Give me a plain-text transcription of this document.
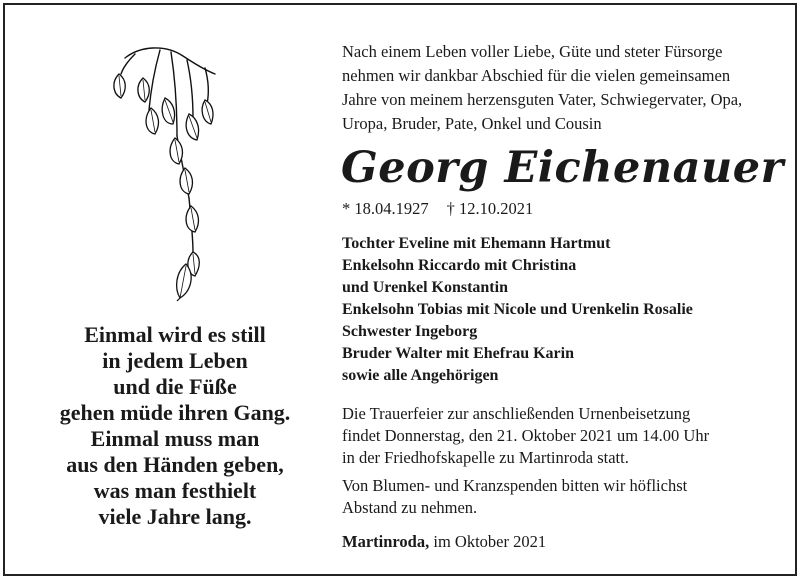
Einmal wird es still
in jedem Leben
und die Füße
gehen müde ihren Gang.
Einmal muss man
aus den Händen geben,
was man festhielt
viele Jahre lang.
Nach einem Leben voller Liebe, Güte und steter Fürsorge
nehmen wir dankbar Abschied für die vielen gemeinsamen
Jahre von meinem herzensguten Vater, Schwiegervater, Opa,
Uropa, Bruder, Pate, Onkel und Cousin
Georg Eichenauer
* 18.04.1927 † 12.10.2021
Tochter Eveline mit Ehemann Hartmut
Enkelsohn Riccardo mit Christina
und Urenkel Konstantin
Enkelsohn Tobias mit Nicole und Urenkelin Rosalie
Schwester Ingeborg
Bruder Walter mit Ehefrau Karin
sowie alle Angehörigen
Die Trauerfeier zur anschließenden Urnenbeisetzung
findet Donnerstag, den 21. Oktober 2021 um 14.00 Uhr
in der Friedhofskapelle zu Martinroda statt.
Von Blumen- und Kranzspenden bitten wir höflichst
Abstand zu nehmen.
Martinroda, im Oktober 2021
